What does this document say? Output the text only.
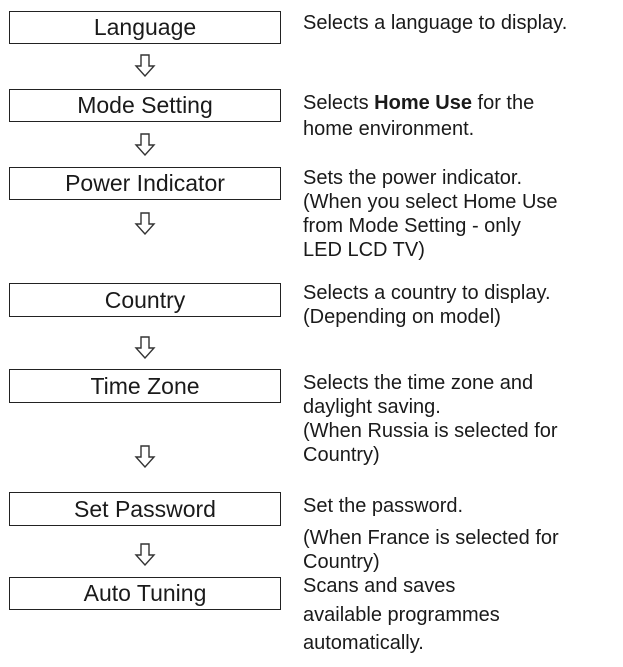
Language	Selects a language to display.

Mode Setting	Selects Home Use for the

home environment.

Power Indicator	Sets the power indicator.

(When you select Home Use

from Mode Setting - only

LED LCD TV)

Country	Selects a country to display.

(Depending on model)

Time Zone	Selects the time zone and

daylight saving.

(When Russia is selected for

Country)

Set Password	Set the password.

(When France is selected for

Country)

Auto Tuning	Scans and saves

available programmes

automatically.
